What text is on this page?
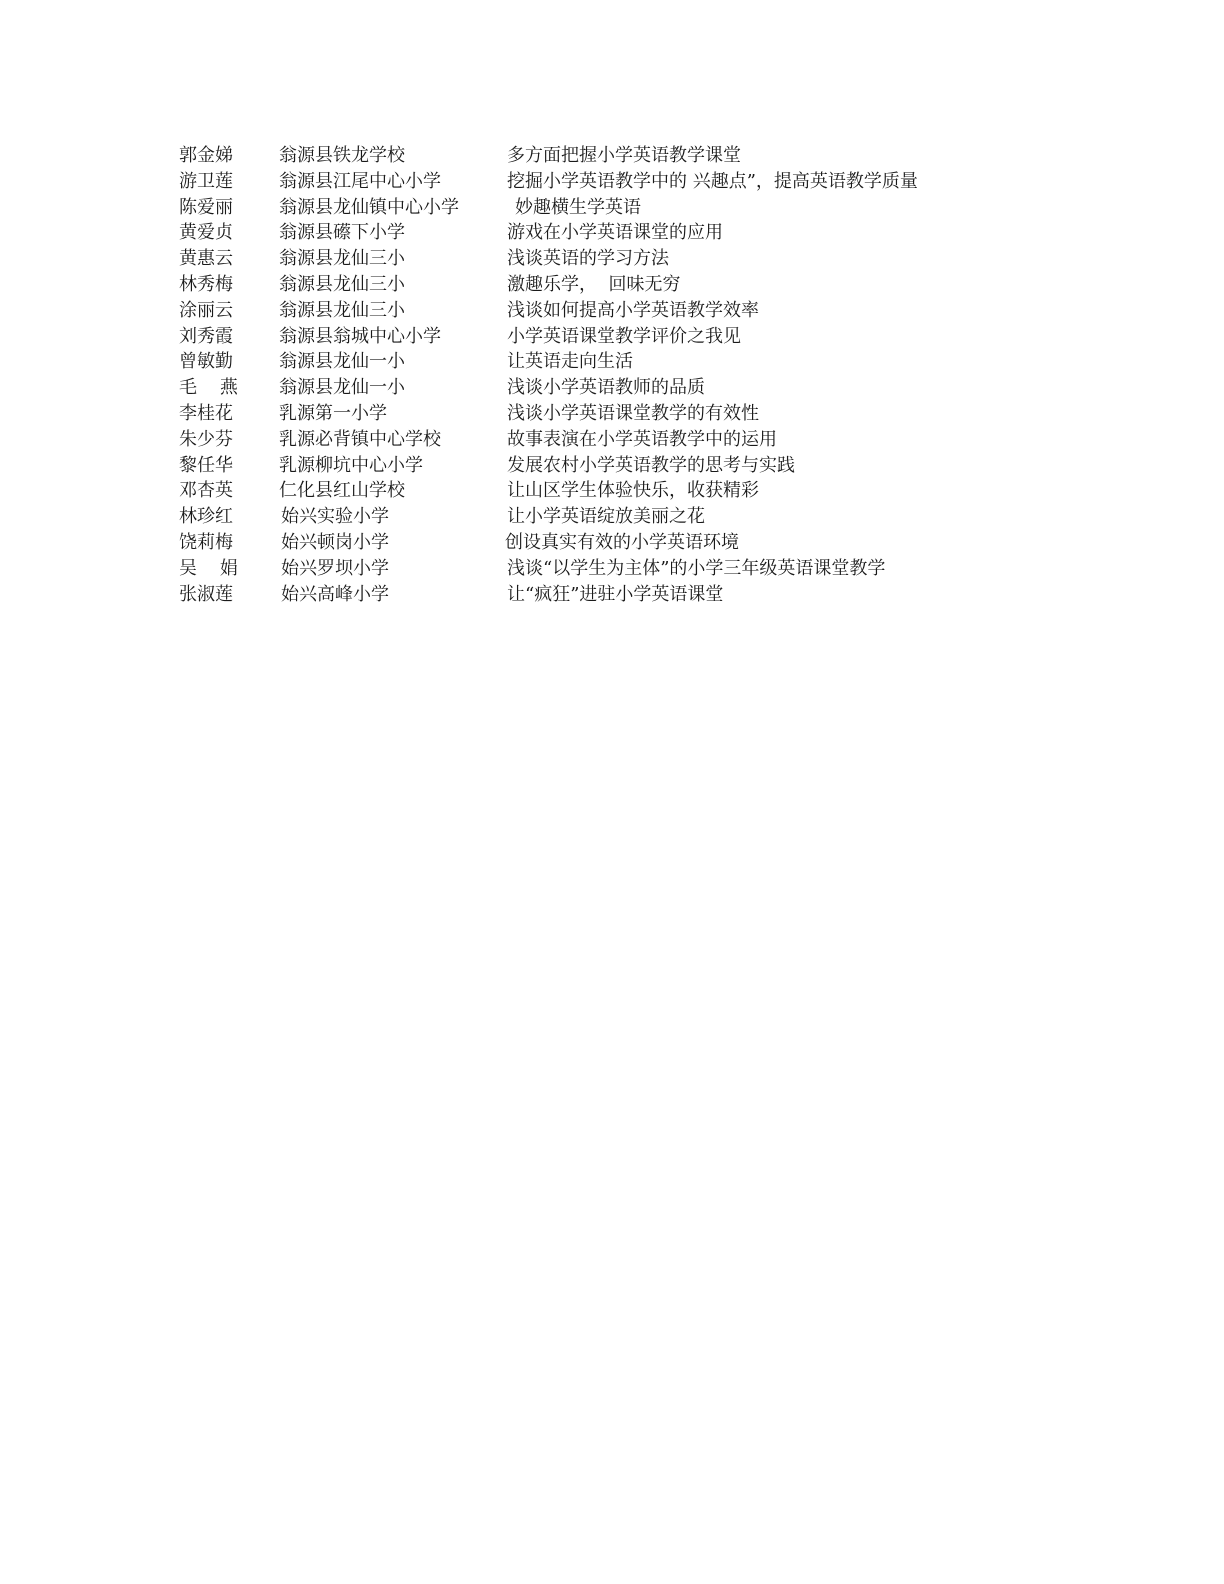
郭金娣	翁源县铁龙学校	多方面把握小学英语教学课堂
游卫莲	翁源县江尾中心小学	挖掘小学英语教学中的 兴趣点”，提高英语教学质量
陈爱丽	翁源县龙仙镇中心小学	妙趣横生学英语
黄爱贞	翁源县礤下小学	游戏在小学英语课堂的应用
黄惠云	翁源县龙仙三小	浅谈英语的学习方法
林秀梅	翁源县龙仙三小	激趣乐学，  回味无穷
涂丽云	翁源县龙仙三小	浅谈如何提高小学英语教学效率
刘秀霞	翁源县翁城中心小学	小学英语课堂教学评价之我见
曾敏勤	翁源县龙仙一小	让英语走向生活
毛    燕	翁源县龙仙一小	浅谈小学英语教师的品质
李桂花	乳源第一小学	浅谈小学英语课堂教学的有效性
朱少芬	乳源必背镇中心学校	故事表演在小学英语教学中的运用
黎任华	乳源柳坑中心小学	发展农村小学英语教学的思考与实践
邓杏英	仁化县红山学校	让山区学生体验快乐，收获精彩
林珍红	始兴实验小学	让小学英语绽放美丽之花
饶莉梅	始兴顿岗小学	创设真实有效的小学英语环境
吴    娟	始兴罗坝小学	浅谈“以学生为主体”的小学三年级英语课堂教学
张淑莲	始兴高峰小学	让“疯狂”进驻小学英语课堂
